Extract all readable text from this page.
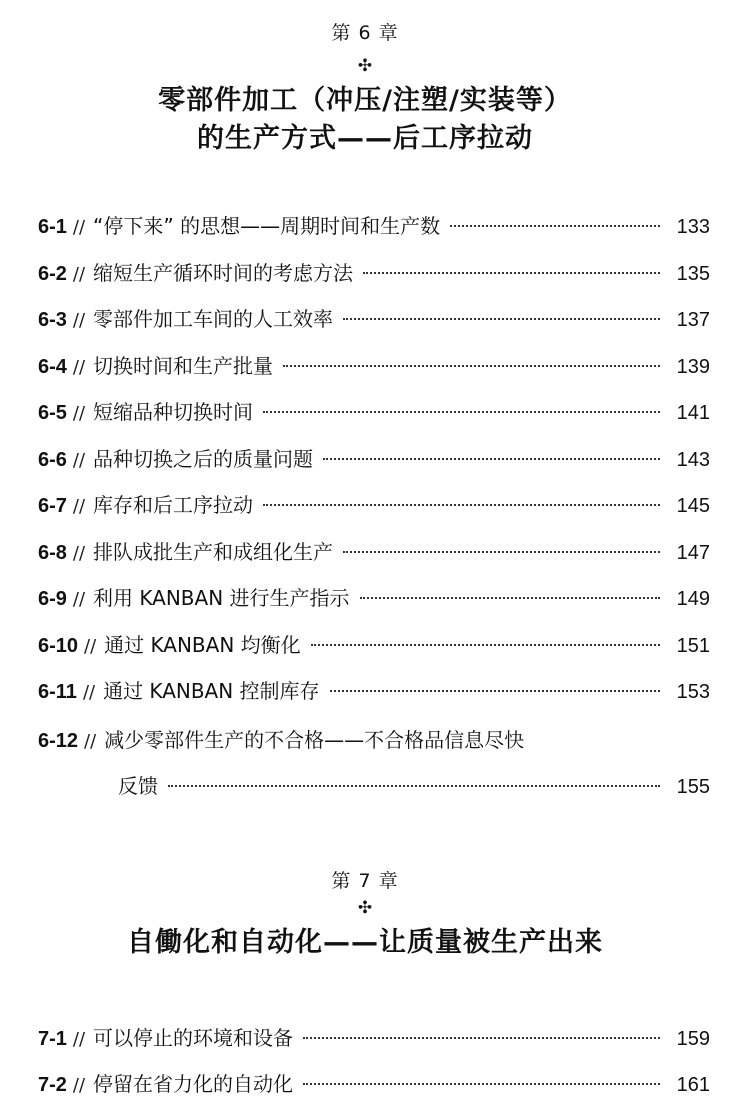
第 6 章
✣
零部件加工（冲压/注塑/实装等）
的生产方式——后工序拉动
6-1 // “停下来” 的思想——周期时间和生产数	133
6-2 // 缩短生产循环时间的考虑方法	135
6-3 // 零部件加工车间的人工效率	137
6-4 // 切换时间和生产批量	139
6-5 // 短缩品种切换时间	141
6-6 // 品种切换之后的质量问题	143
6-7 // 库存和后工序拉动	145
6-8 // 排队成批生产和成组化生产	147
6-9 // 利用 KANBAN 进行生产指示	149
6-10 // 通过 KANBAN 均衡化	151
6-11 // 通过 KANBAN 控制库存	153
6-12 // 减少零部件生产的不合格——不合格品信息尽快
反馈	155
第 7 章
✣
自働化和自动化——让质量被生产出来
7-1 // 可以停止的环境和设备	159
7-2 // 停留在省力化的自动化	161
